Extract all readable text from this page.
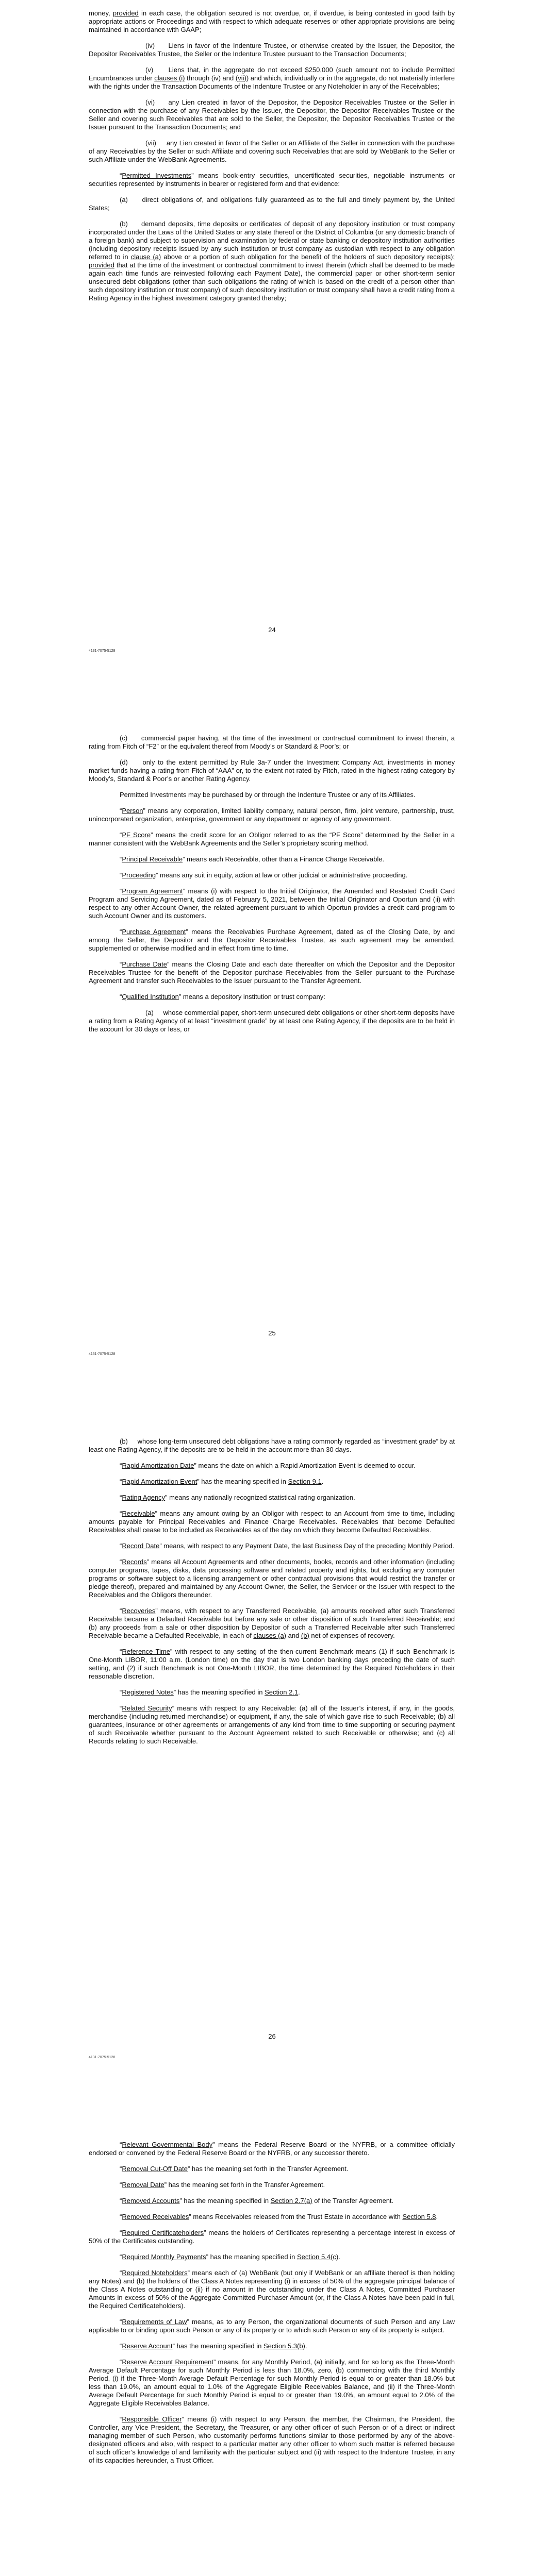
money, provided in each case, the obligation secured is not overdue, or, if overdue, is being contested in good faith by appropriate actions or Proceedings and with respect to which adequate reserves or other appropriate provisions are being maintained in accordance with GAAP;

(iv)     Liens in favor of the Indenture Trustee, or otherwise created by the Issuer, the Depositor, the Depositor Receivables Trustee, the Seller or the Indenture Trustee pursuant to the Transaction Documents;

(v)     Liens that, in the aggregate do not exceed $250,000 (such amount not to include Permitted Encumbrances under clauses (i) through (iv) and (vii)) and which, individually or in the aggregate, do not materially interfere with the rights under the Transaction Documents of the Indenture Trustee or any Noteholder in any of the Receivables;

(vi)     any Lien created in favor of the Depositor, the Depositor Receivables Trustee or the Seller in connection with the purchase of any Receivables by the Issuer, the Depositor, the Depositor Receivables Trustee or the Seller and covering such Receivables that are sold to the Seller, the Depositor, the Depositor Receivables Trustee or the Issuer pursuant to the Transaction Documents; and

(vii)     any Lien created in favor of the Seller or an Affiliate of the Seller in connection with the purchase of any Receivables by the Seller or such Affiliate and covering such Receivables that are sold by WebBank to the Seller or such Affiliate under the WebBank Agreements.

“Permitted Investments” means book-entry securities, uncertificated securities, negotiable instruments or securities represented by instruments in bearer or registered form and that evidence:

(a)     direct obligations of, and obligations fully guaranteed as to the full and timely payment by, the United States;

(b)     demand deposits, time deposits or certificates of deposit of any depository institution or trust company incorporated under the Laws of the United States or any state thereof or the District of Columbia (or any domestic branch of a foreign bank) and subject to supervision and examination by federal or state banking or depository institution authorities (including depository receipts issued by any such institution or trust company as custodian with respect to any obligation referred to in clause (a) above or a portion of such obligation for the benefit of the holders of such depository receipts); provided that at the time of the investment or contractual commitment to invest therein (which shall be deemed to be made again each time funds are reinvested following each Payment Date), the commercial paper or other short-term senior unsecured debt obligations (other than such obligations the rating of which is based on the credit of a person other than such depository institution or trust company) of such depository institution or trust company shall have a credit rating from a Rating Agency in the highest investment category granted thereby;

24
4131-7075-5128

(c)     commercial paper having, at the time of the investment or contractual commitment to invest therein, a rating from Fitch of “F2” or the equivalent thereof from Moody’s or Standard & Poor’s; or

(d)     only to the extent permitted by Rule 3a-7 under the Investment Company Act, investments in money market funds having a rating from Fitch of “AAA” or, to the extent not rated by Fitch, rated in the highest rating category by Moody’s, Standard & Poor’s or another Rating Agency.

Permitted Investments may be purchased by or through the Indenture Trustee or any of its Affiliates.

“Person” means any corporation, limited liability company, natural person, firm, joint venture, partnership, trust, unincorporated organization, enterprise, government or any department or agency of any government.

“PF Score” means the credit score for an Obligor referred to as the “PF Score” determined by the Seller in a manner consistent with the WebBank Agreements and the Seller’s proprietary scoring method.

“Principal Receivable” means each Receivable, other than a Finance Charge Receivable.

“Proceeding” means any suit in equity, action at law or other judicial or administrative proceeding.

“Program Agreement” means (i) with respect to the Initial Originator, the Amended and Restated Credit Card Program and Servicing Agreement, dated as of February 5, 2021, between the Initial Originator and Oportun and (ii) with respect to any other Account Owner, the related agreement pursuant to which Oportun provides a credit card program to such Account Owner and its customers.

“Purchase Agreement” means the Receivables Purchase Agreement, dated as of the Closing Date, by and among the Seller, the Depositor and the Depositor Receivables Trustee, as such agreement may be amended, supplemented or otherwise modified and in effect from time to time.

“Purchase Date” means the Closing Date and each date thereafter on which the Depositor and the Depositor Receivables Trustee for the benefit of the Depositor purchase Receivables from the Seller pursuant to the Purchase Agreement and transfer such Receivables to the Issuer pursuant to the Transfer Agreement.

“Qualified Institution” means a depository institution or trust company:

(a)     whose commercial paper, short-term unsecured debt obligations or other short-term deposits have a rating from a Rating Agency of at least “investment grade” by at least one Rating Agency, if the deposits are to be held in the account for 30 days or less, or

25
4131-7075-5128

(b)     whose long-term unsecured debt obligations have a rating commonly regarded as “investment grade” by at least one Rating Agency, if the deposits are to be held in the account more than 30 days.

“Rapid Amortization Date” means the date on which a Rapid Amortization Event is deemed to occur.

“Rapid Amortization Event” has the meaning specified in Section 9.1.

“Rating Agency” means any nationally recognized statistical rating organization.

“Receivable” means any amount owing by an Obligor with respect to an Account from time to time, including amounts payable for Principal Receivables and Finance Charge Receivables. Receivables that become Defaulted Receivables shall cease to be included as Receivables as of the day on which they become Defaulted Receivables.

“Record Date” means, with respect to any Payment Date, the last Business Day of the preceding Monthly Period.

“Records” means all Account Agreements and other documents, books, records and other information (including computer programs, tapes, disks, data processing software and related property and rights, but excluding any computer programs or software subject to a licensing arrangement or other contractual provisions that would restrict the transfer or pledge thereof), prepared and maintained by any Account Owner, the Seller, the Servicer or the Issuer with respect to the Receivables and the Obligors thereunder.

“Recoveries” means, with respect to any Transferred Receivable, (a) amounts received after such Transferred Receivable became a Defaulted Receivable but before any sale or other disposition of such Transferred Receivable; and (b) any proceeds from a sale or other disposition by Depositor of such a Transferred Receivable after such Transferred Receivable became a Defaulted Receivable, in each of clauses (a) and (b) net of expenses of recovery.

“Reference Time” with respect to any setting of the then-current Benchmark means (1) if such Benchmark is One-Month LIBOR, 11:00 a.m. (London time) on the day that is two London banking days preceding the date of such setting, and (2) if such Benchmark is not One-Month LIBOR, the time determined by the Required Noteholders in their reasonable discretion.

“Registered Notes” has the meaning specified in Section 2.1.

“Related Security” means with respect to any Receivable: (a) all of the Issuer’s interest, if any, in the goods, merchandise (including returned merchandise) or equipment, if any, the sale of which gave rise to such Receivable; (b) all guarantees, insurance or other agreements or arrangements of any kind from time to time supporting or securing payment of such Receivable whether pursuant to the Account Agreement related to such Receivable or otherwise; and (c) all Records relating to such Receivable.

26
4131-7075-5128

“Relevant Governmental Body” means the Federal Reserve Board or the NYFRB, or a committee officially endorsed or convened by the Federal Reserve Board or the NYFRB, or any successor thereto.

“Removal Cut-Off Date” has the meaning set forth in the Transfer Agreement.

“Removal Date” has the meaning set forth in the Transfer Agreement.

“Removed Accounts” has the meaning specified in Section 2.7(a) of the Transfer Agreement.

“Removed Receivables” means Receivables released from the Trust Estate in accordance with Section 5.8.

“Required Certificateholders” means the holders of Certificates representing a percentage interest in excess of 50% of the Certificates outstanding.

“Required Monthly Payments” has the meaning specified in Section 5.4(c).

“Required Noteholders” means each of (a) WebBank (but only if WebBank or an affiliate thereof is then holding any Notes) and (b) the holders of the Class A Notes representing (i) in excess of 50% of the aggregate principal balance of the Class A Notes outstanding or (ii) if no amount in the outstanding under the Class A Notes, Committed Purchaser Amounts in excess of 50% of the Aggregate Committed Purchaser Amount (or, if the Class A Notes have been paid in full, the Required Certificateholders).

“Requirements of Law” means, as to any Person, the organizational documents of such Person and any Law applicable to or binding upon such Person or any of its property or to which such Person or any of its property is subject.

“Reserve Account” has the meaning specified in Section 5.3(b).

“Reserve Account Requirement” means, for any Monthly Period, (a) initially, and for so long as the Three-Month Average Default Percentage for such Monthly Period is less than 18.0%, zero, (b) commencing with the third Monthly Period, (i) if the Three-Month Average Default Percentage for such Monthly Period is equal to or greater than 18.0% but less than 19.0%, an amount equal to 1.0% of the Aggregate Eligible Receivables Balance, and (ii) if the Three-Month Average Default Percentage for such Monthly Period is equal to or greater than 19.0%, an amount equal to 2.0% of the Aggregate Eligible Receivables Balance.

“Responsible Officer” means (i) with respect to any Person, the member, the Chairman, the President, the Controller, any Vice President, the Secretary, the Treasurer, or any other officer of such Person or of a direct or indirect managing member of such Person, who customarily performs functions similar to those performed by any of the above-designated officers and also, with respect to a particular matter any other officer to whom such matter is referred because of such officer’s knowledge of and familiarity with the particular subject and (ii) with respect to the Indenture Trustee, in any of its capacities hereunder, a Trust Officer.
